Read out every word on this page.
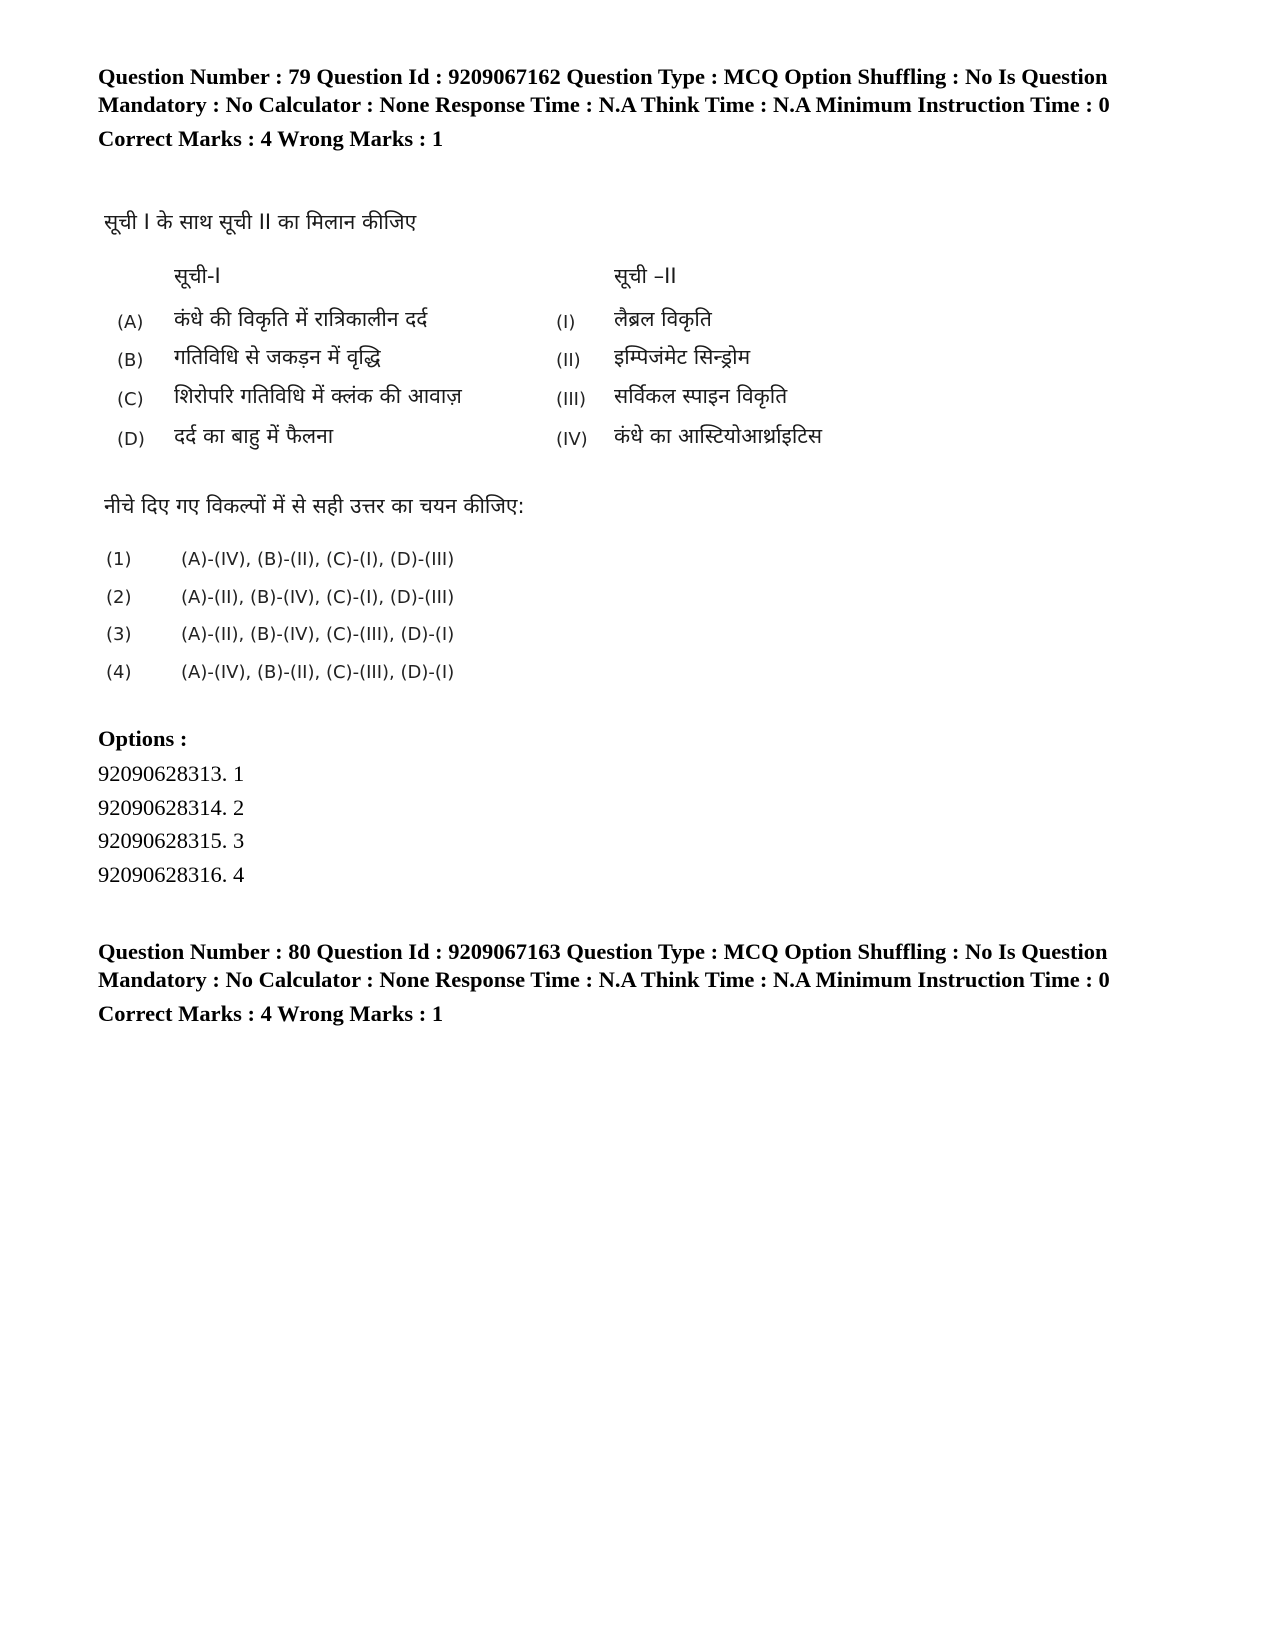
Question Number : 79 Question Id : 9209067162 Question Type : MCQ Option Shuffling : No Is Question Mandatory : No Calculator : None Response Time : N.A Think Time : N.A Minimum Instruction Time : 0

Correct Marks : 4 Wrong Marks : 1

सूची I के साथ सूची II का मिलान कीजिए
सूची-I	सूची –II
(A) कंधे की विकृति में रात्रिकालीन दर्द	(I) लैब्रल विकृति
(B) गतिविधि से जकड़न में वृद्धि	(II) इम्पिजंमेट सिन्ड्रोम
(C) शिरोपरि गतिविधि में क्लंक की आवाज़	(III) सर्विकल स्पाइन विकृति
(D) दर्द का बाहु में फैलना	(IV) कंधे का आस्टियोआर्थ्राइटिस
नीचे दिए गए विकल्पों में से सही उत्तर का चयन कीजिए:
(1)	(A)-(IV), (B)-(II), (C)-(I), (D)-(III)
(2)	(A)-(II), (B)-(IV), (C)-(I), (D)-(III)
(3)	(A)-(II), (B)-(IV), (C)-(III), (D)-(I)
(4)	(A)-(IV), (B)-(II), (C)-(III), (D)-(I)

Options :

92090628313. 1

92090628314. 2

92090628315. 3

92090628316. 4

Question Number : 80 Question Id : 9209067163 Question Type : MCQ Option Shuffling : No Is Question Mandatory : No Calculator : None Response Time : N.A Think Time : N.A Minimum Instruction Time : 0

Correct Marks : 4 Wrong Marks : 1
